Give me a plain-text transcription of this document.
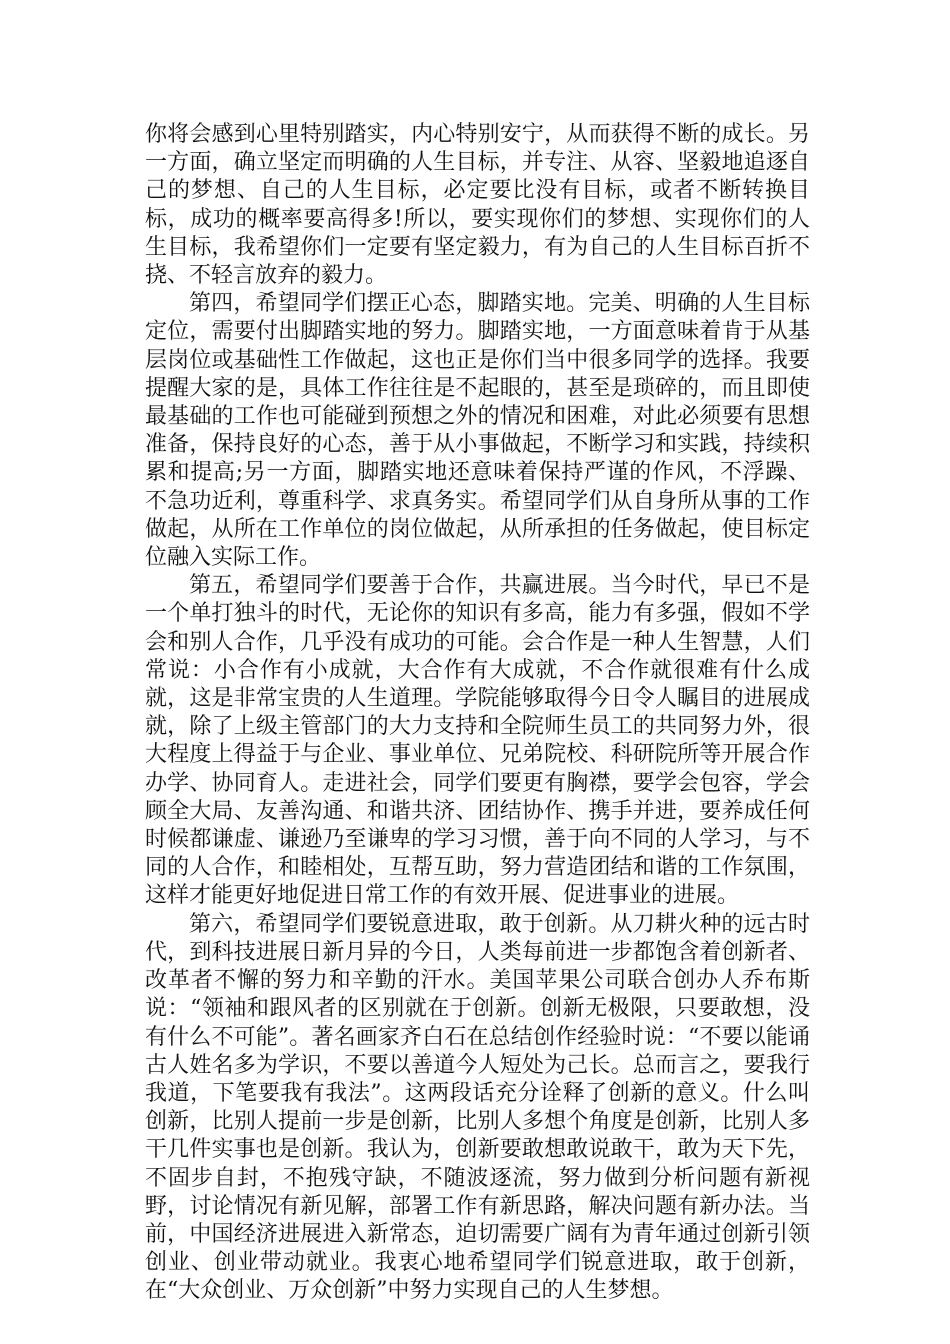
你将会感到心里特别踏实，内心特别安宁，从而获得不断的成长。另一方面，确立坚定而明确的人生目标，并专注、从容、坚毅地追逐自己的梦想、自己的人生目标，必定要比没有目标，或者不断转换目标，成功的概率要高得多!所以，要实现你们的梦想、实现你们的人生目标，我希望你们一定要有坚定毅力，有为自己的人生目标百折不挠、不轻言放弃的毅力。

第四，希望同学们摆正心态，脚踏实地。完美、明确的人生目标定位，需要付出脚踏实地的努力。脚踏实地，一方面意味着肯于从基层岗位或基础性工作做起，这也正是你们当中很多同学的选择。我要提醒大家的是，具体工作往往是不起眼的，甚至是琐碎的，而且即使最基础的工作也可能碰到预想之外的情况和困难，对此必须要有思想准备，保持良好的心态，善于从小事做起，不断学习和实践，持续积累和提高;另一方面，脚踏实地还意味着保持严谨的作风，不浮躁、不急功近利，尊重科学、求真务实。希望同学们从自身所从事的工作做起，从所在工作单位的岗位做起，从所承担的任务做起，使目标定位融入实际工作。

第五，希望同学们要善于合作，共赢进展。当今时代，早已不是一个单打独斗的时代，无论你的知识有多高，能力有多强，假如不学会和别人合作，几乎没有成功的可能。会合作是一种人生智慧，人们常说：小合作有小成就，大合作有大成就，不合作就很难有什么成就，这是非常宝贵的人生道理。学院能够取得今日令人瞩目的进展成就，除了上级主管部门的大力支持和全院师生员工的共同努力外，很大程度上得益于与企业、事业单位、兄弟院校、科研院所等开展合作办学、协同育人。走进社会，同学们要更有胸襟，要学会包容，学会顾全大局、友善沟通、和谐共济、团结协作、携手并进，要养成任何时候都谦虚、谦逊乃至谦卑的学习习惯，善于向不同的人学习，与不同的人合作，和睦相处，互帮互助，努力营造团结和谐的工作氛围，这样才能更好地促进日常工作的有效开展、促进事业的进展。

第六，希望同学们要锐意进取，敢于创新。从刀耕火种的远古时代，到科技进展日新月异的今日，人类每前进一步都饱含着创新者、改革者不懈的努力和辛勤的汗水。美国苹果公司联合创办人乔布斯说：“领袖和跟风者的区别就在于创新。创新无极限，只要敢想，没有什么不可能”。著名画家齐白石在总结创作经验时说：“不要以能诵古人姓名多为学识，不要以善道今人短处为己长。总而言之，要我行我道，下笔要我有我法”。这两段话充分诠释了创新的意义。什么叫创新，比别人提前一步是创新，比别人多想个角度是创新，比别人多干几件实事也是创新。我认为，创新要敢想敢说敢干，敢为天下先，不固步自封，不抱残守缺，不随波逐流，努力做到分析问题有新视野，讨论情况有新见解，部署工作有新思路，解决问题有新办法。当前，中国经济进展进入新常态，迫切需要广阔有为青年通过创新引领创业、创业带动就业。我衷心地希望同学们锐意进取，敢于创新，在“大众创业、万众创新”中努力实现自己的人生梦想。
